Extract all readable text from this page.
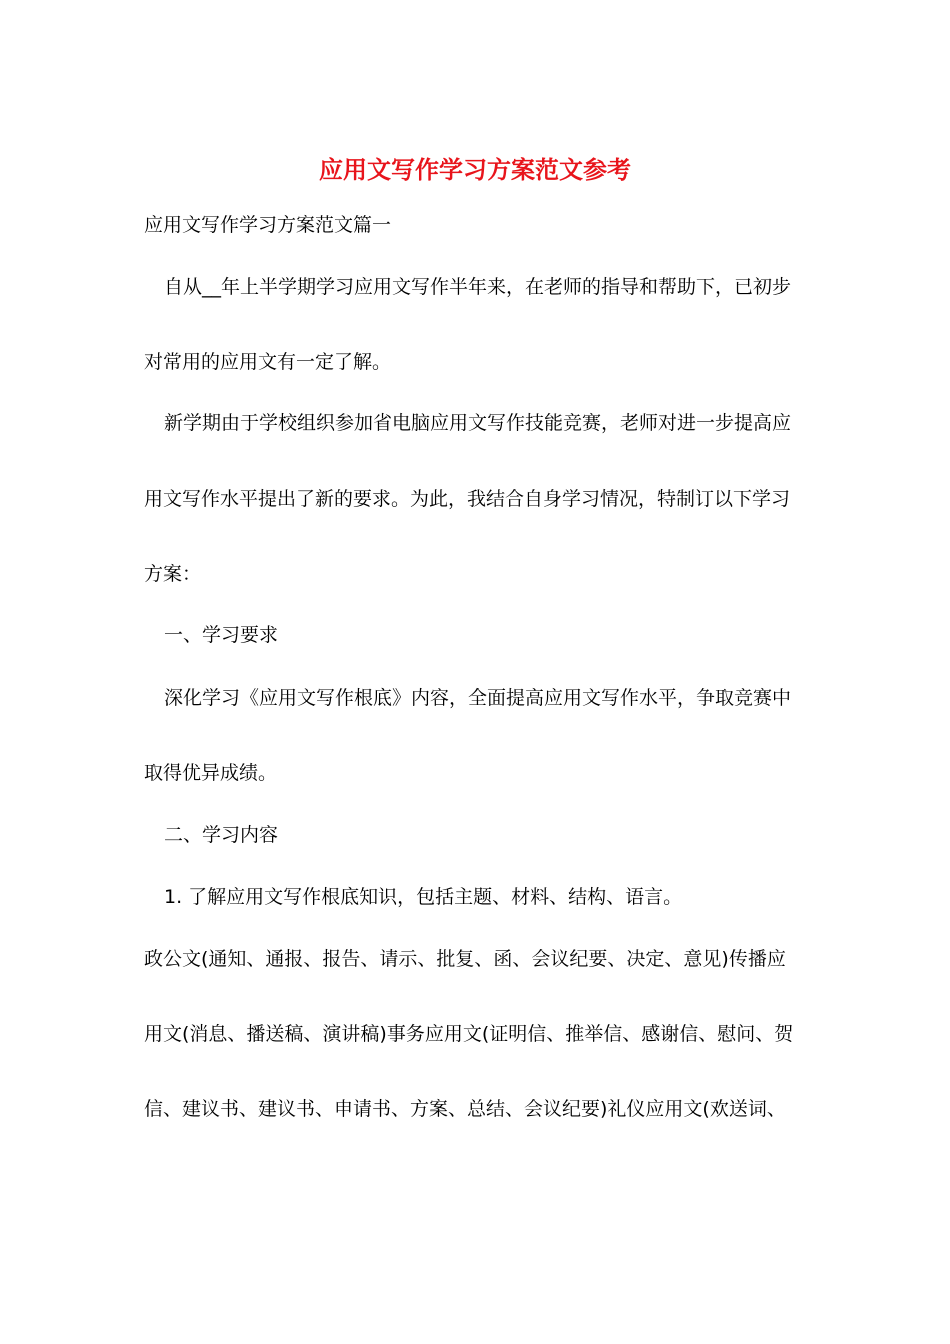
应用文写作学习方案范文参考
应用文写作学习方案范文篇一
自从__年上半学期学习应用文写作半年来，在老师的指导和帮助下，已初步
对常用的应用文有一定了解。
新学期由于学校组织参加省电脑应用文写作技能竞赛，老师对进一步提高应
用文写作水平提出了新的要求。为此，我结合自身学习情况，特制订以下学习
方案：
一、学习要求
深化学习《应用文写作根底》内容，全面提高应用文写作水平，争取竞赛中
取得优异成绩。
二、学习内容
1. 了解应用文写作根底知识，包括主题、材料、结构、语言。
政公文(通知、通报、报告、请示、批复、函、会议纪要、决定、意见)传播应
用文(消息、播送稿、演讲稿)事务应用文(证明信、推举信、感谢信、慰问、贺
信、建议书、建议书、申请书、方案、总结、会议纪要)礼仪应用文(欢送词、
